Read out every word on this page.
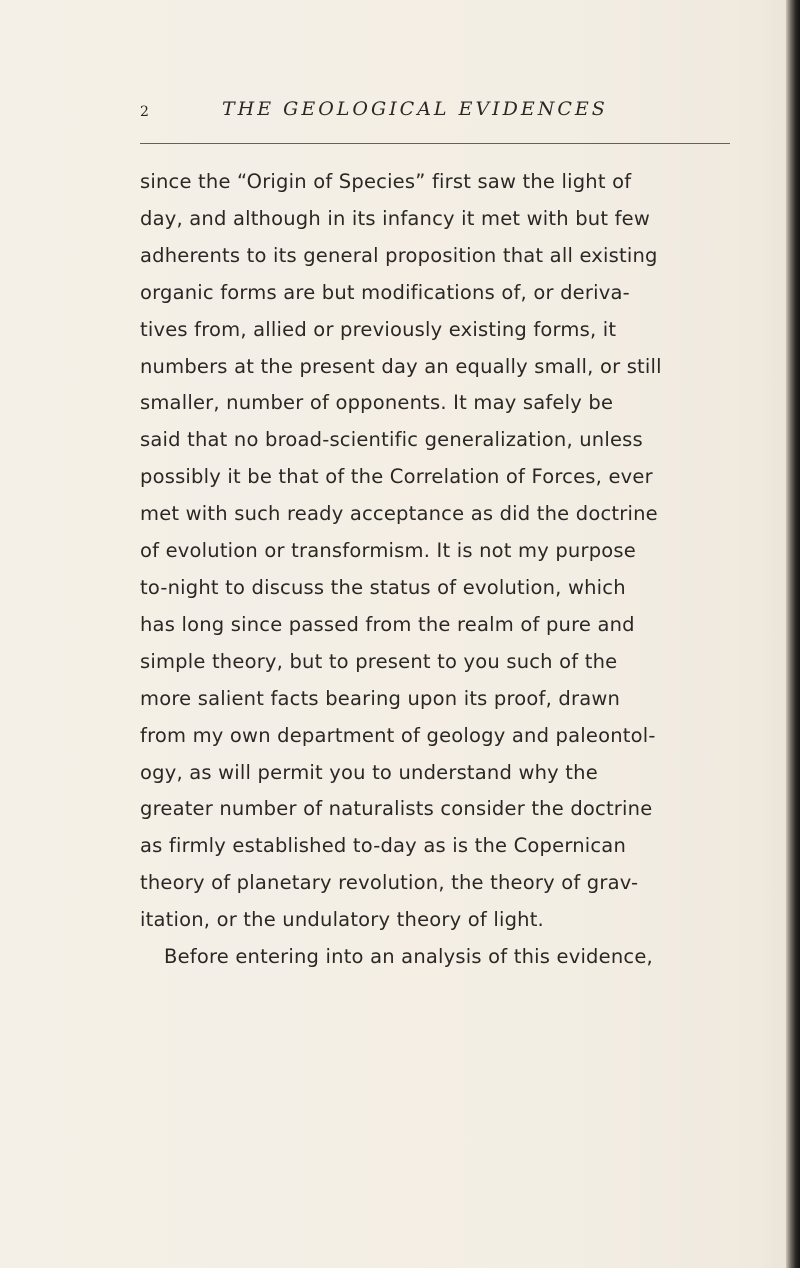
2	THE GEOLOGICAL EVIDENCES
since the “Origin of Species” first saw the light of
day, and although in its infancy it met with but few
adherents to its general proposition that all existing
organic forms are but modifications of, or deriva-
tives from, allied or previously existing forms, it
numbers at the present day an equally small, or still
smaller, number of opponents. It may safely be
said that no broad-scientific generalization, unless
possibly it be that of the Correlation of Forces, ever
met with such ready acceptance as did the doctrine
of evolution or transformism. It is not my purpose
to-night to discuss the status of evolution, which
has long since passed from the realm of pure and
simple theory, but to present to you such of the
more salient facts bearing upon its proof, drawn
from my own department of geology and paleontol-
ogy, as will permit you to understand why the
greater number of naturalists consider the doctrine
as firmly established to-day as is the Copernican
theory of planetary revolution, the theory of grav-
itation, or the undulatory theory of light.
Before entering into an analysis of this evidence,
